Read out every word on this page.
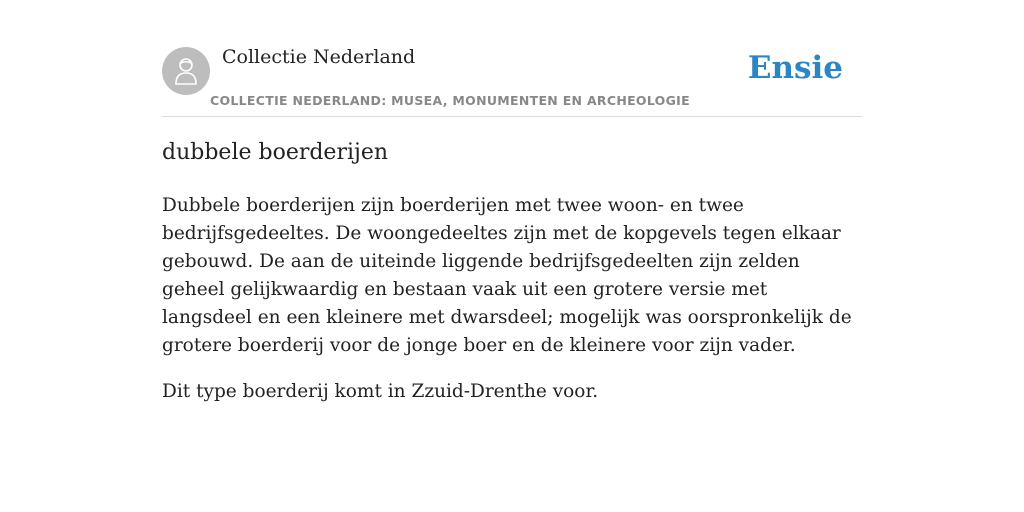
Collectie Nederland
COLLECTIE NEDERLAND: MUSEA, MONUMENTEN EN ARCHEOLOGIE
Ensie
dubbele boerderijen

Dubbele boerderijen zijn boerderijen met twee woon- en twee bedrijfsgedeeltes. De woongedeeltes zijn met de kopgevels tegen elkaar gebouwd. De aan de uiteinde liggende bedrijfsgedeelten zijn zelden geheel gelijkwaardig en bestaan vaak uit een grotere versie met langsdeel en een kleinere met dwarsdeel; mogelijk was oorspronkelijk de grotere boerderij voor de jonge boer en de kleinere voor zijn vader.

Dit type boerderij komt in Zzuid-Drenthe voor.
